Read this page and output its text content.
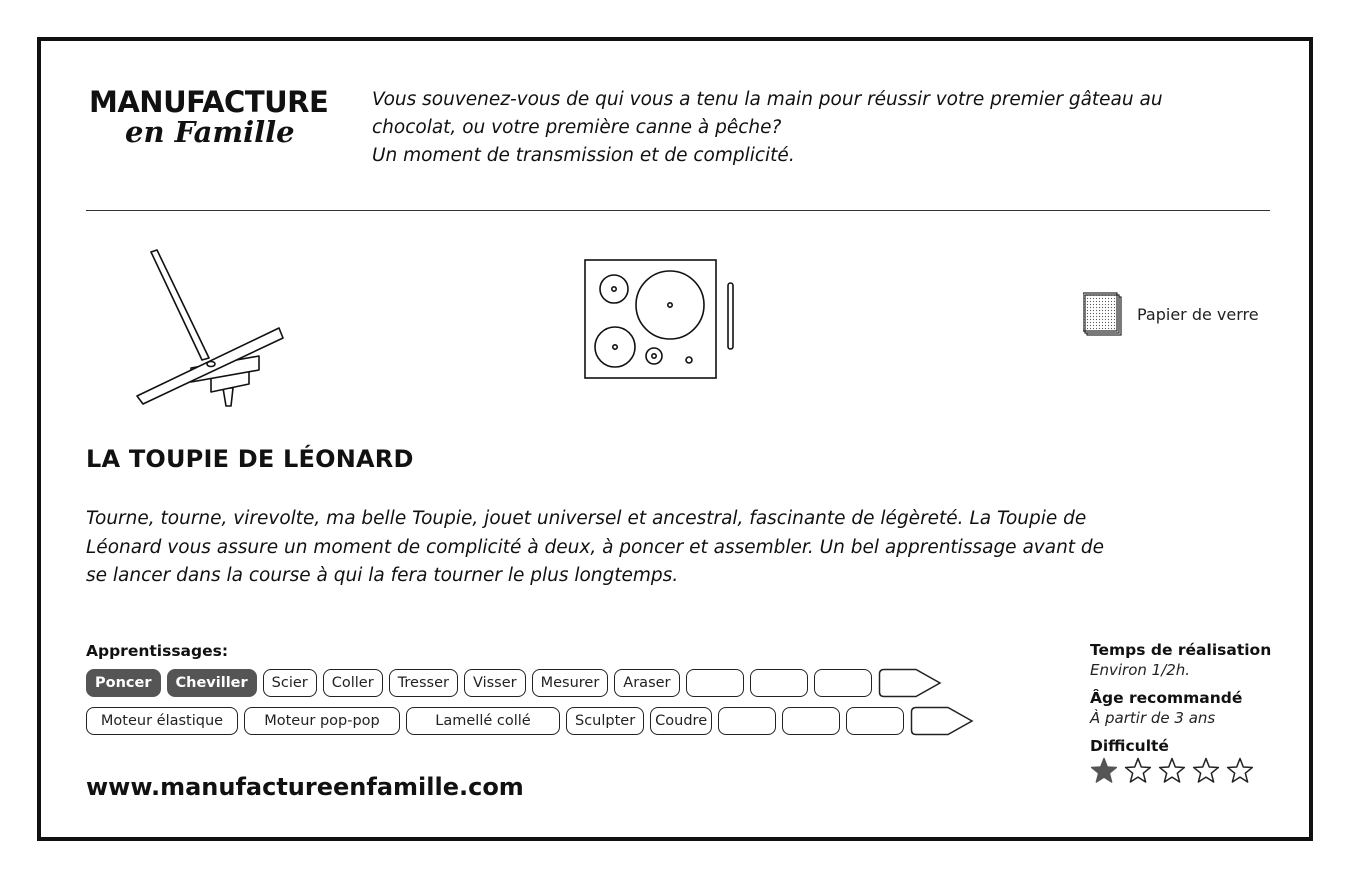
MANUFACTURE
en Famille
Vous souvenez-vous de qui vous a tenu la main pour réussir votre premier gâteau au
chocolat, ou votre première canne à pêche?
Un moment de transmission et de complicité.
Papier de verre
LA TOUPIE DE LÉONARD
Tourne, tourne, virevolte, ma belle Toupie, jouet universel et ancestral, fascinante de légèreté. La Toupie de
Léonard vous assure un moment de complicité à deux, à poncer et assembler. Un bel apprentissage avant de
se lancer dans la course à qui la fera tourner le plus longtemps.
Apprentissages:
Poncer	Cheviller	Scier	Coller	Tresser	Visser	Mesurer	Araser
Moteur élastique	Moteur pop-pop	Lamellé collé	Sculpter	Coudre
www.manufactureenfamille.com
Temps de réalisation
Environ 1/2h.
Âge recommandé
À partir de 3 ans
Difficulté
